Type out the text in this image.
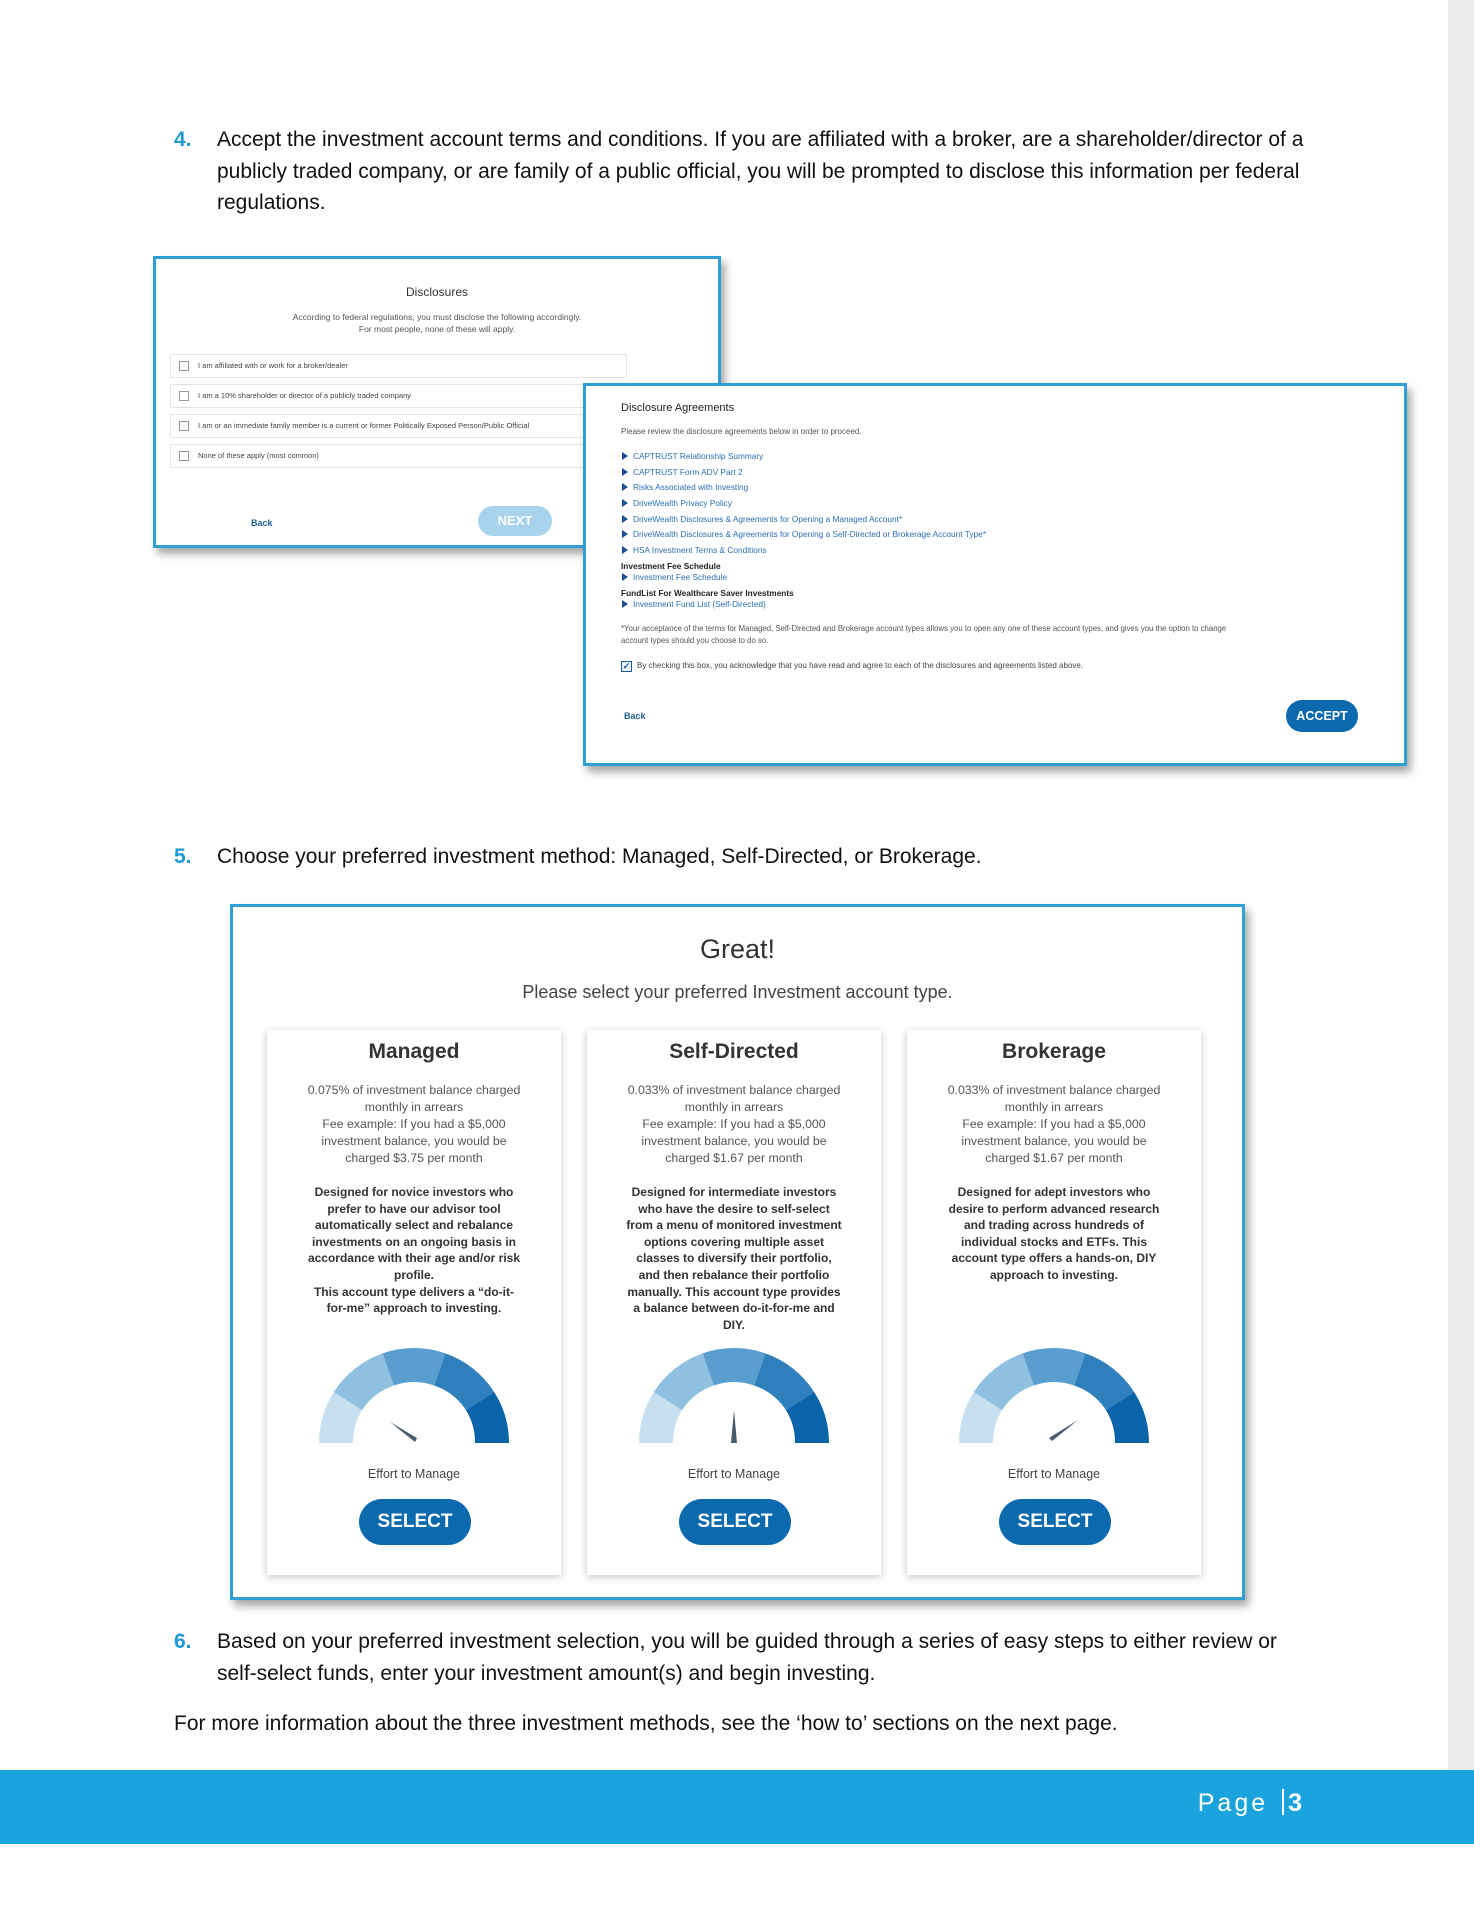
4. Accept the investment account terms and conditions. If you are affiliated with a broker, are a shareholder/director of a publicly traded company, or are family of a public official, you will be prompted to disclose this information per federal regulations.
Disclosures
According to federal regulations, you must disclose the following accordingly.
For most people, none of these will apply.
I am affiliated with or work for a broker/dealer
I am a 10% shareholder or director of a publicly traded company
I am or an immediate family member is a current or former Politically Exposed Person/Public Official
None of these apply (most common)
Back	NEXT
Disclosure Agreements
Please review the disclosure agreements below in order to proceed.
CAPTRUST Relationship Summary
CAPTRUST Form ADV Part 2
Risks Associated with Investing
DriveWealth Privacy Policy
DriveWealth Disclosures & Agreements for Opening a Managed Account*
DriveWealth Disclosures & Agreements for Opening a Self-Directed or Brokerage Account Type*
HSA Investment Terms & Conditions
Investment Fee Schedule
Investment Fee Schedule
FundList For Wealthcare Saver Investments
Investment Fund List (Self-Directed)
*Your acceptance of the terms for Managed, Self-Directed and Brokerage account types allows you to open any one of these account types, and gives you the option to change
account types should you choose to do so.
✓ By checking this box, you acknowledge that you have read and agree to each of the disclosures and agreements listed above.
Back	ACCEPT
5. Choose your preferred investment method: Managed, Self-Directed, or Brokerage.
Great!
Please select your preferred Investment account type.
Managed
0.075% of investment balance charged
monthly in arrears
Fee example: If you had a $5,000
investment balance, you would be
charged $3.75 per month
Designed for novice investors who
prefer to have our advisor tool
automatically select and rebalance
investments on an ongoing basis in
accordance with their age and/or risk
profile.
This account type delivers a “do-it-
for-me” approach to investing.
Effort to Manage
SELECT
Self-Directed
0.033% of investment balance charged
monthly in arrears
Fee example: If you had a $5,000
investment balance, you would be
charged $1.67 per month
Designed for intermediate investors
who have the desire to self-select
from a menu of monitored investment
options covering multiple asset
classes to diversify their portfolio,
and then rebalance their portfolio
manually. This account type provides
a balance between do-it-for-me and
DIY.
Effort to Manage
SELECT
Brokerage
0.033% of investment balance charged
monthly in arrears
Fee example: If you had a $5,000
investment balance, you would be
charged $1.67 per month
Designed for adept investors who
desire to perform advanced research
and trading across hundreds of
individual stocks and ETFs. This
account type offers a hands-on, DIY
approach to investing.
Effort to Manage
SELECT
6. Based on your preferred investment selection, you will be guided through a series of easy steps to either review or self-select funds, enter your investment amount(s) and begin investing.
For more information about the three investment methods, see the ‘how to’ sections on the next page.
Page 3
